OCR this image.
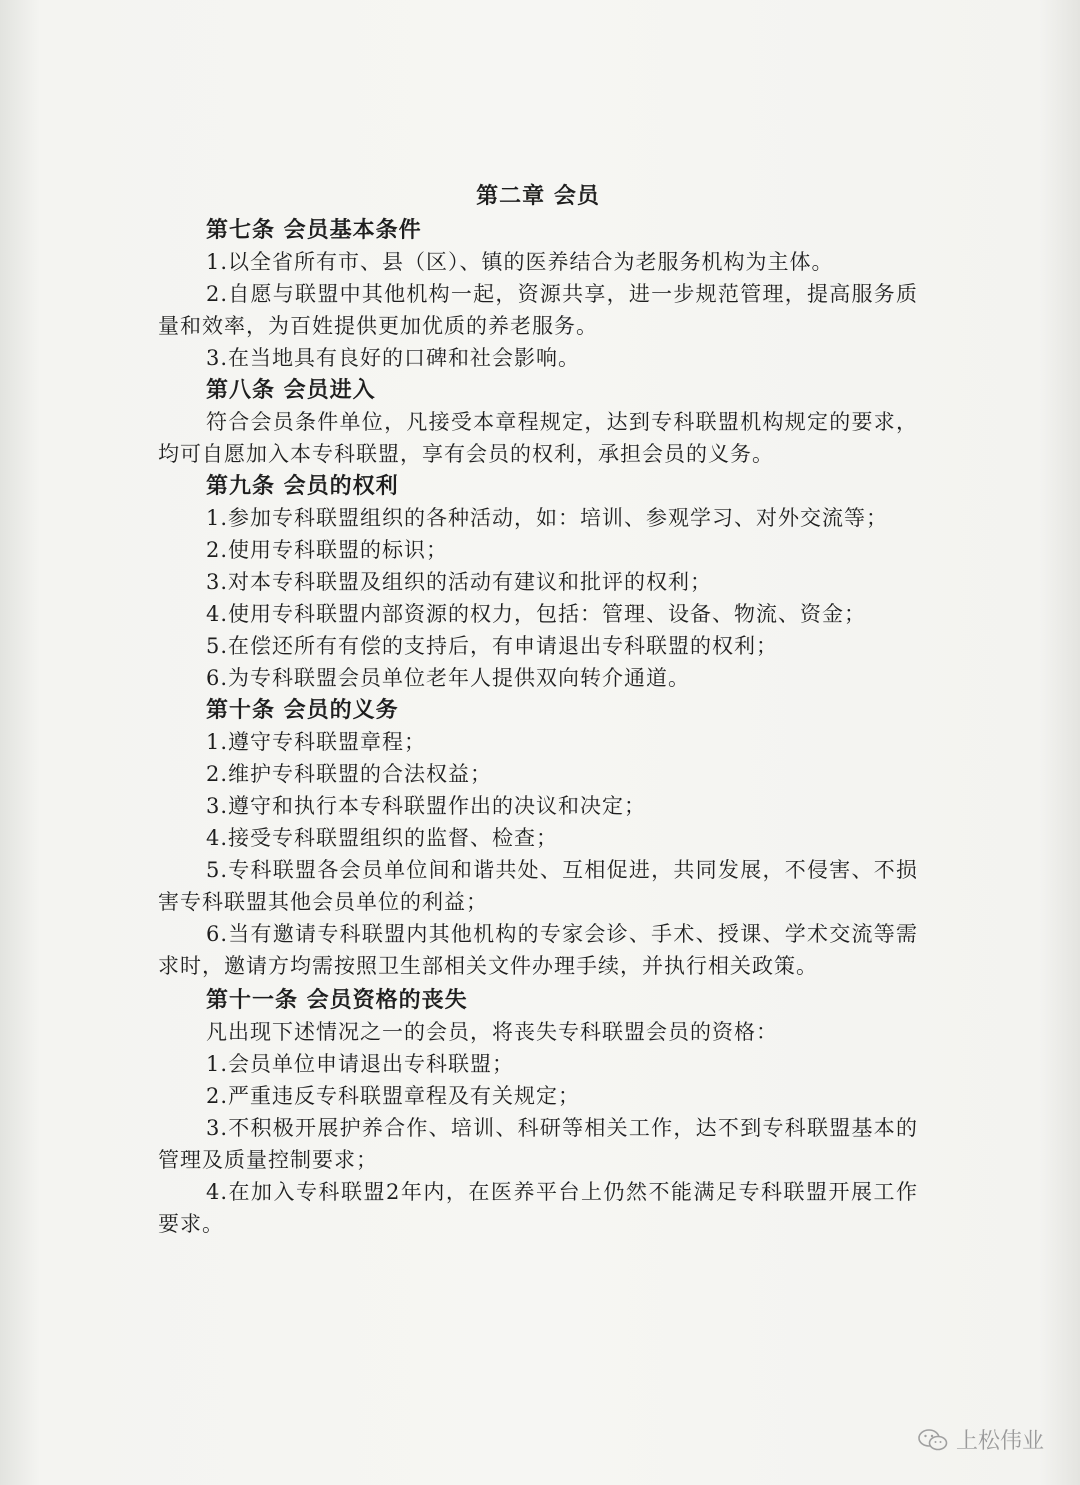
第二章 会员
第七条 会员基本条件

1.以全省所有市、县（区）、镇的医养结合为老服务机构为主体。

2.自愿与联盟中其他机构一起，资源共享，进一步规范管理，提高服务质量和效率，为百姓提供更加优质的养老服务。

3.在当地具有良好的口碑和社会影响。

第八条 会员进入

符合会员条件单位，凡接受本章程规定，达到专科联盟机构规定的要求，均可自愿加入本专科联盟，享有会员的权利，承担会员的义务。

第九条 会员的权利

1.参加专科联盟组织的各种活动，如：培训、参观学习、对外交流等；

2.使用专科联盟的标识；

3.对本专科联盟及组织的活动有建议和批评的权利；

4.使用专科联盟内部资源的权力，包括：管理、设备、物流、资金；

5.在偿还所有有偿的支持后，有申请退出专科联盟的权利；

6.为专科联盟会员单位老年人提供双向转介通道。

第十条 会员的义务

1.遵守专科联盟章程；

2.维护专科联盟的合法权益；

3.遵守和执行本专科联盟作出的决议和决定；

4.接受专科联盟组织的监督、检查；

5.专科联盟各会员单位间和谐共处、互相促进，共同发展，不侵害、不损害专科联盟其他会员单位的利益；

6.当有邀请专科联盟内其他机构的专家会诊、手术、授课、学术交流等需求时，邀请方均需按照卫生部相关文件办理手续，并执行相关政策。

第十一条 会员资格的丧失

凡出现下述情况之一的会员，将丧失专科联盟会员的资格：

1.会员单位申请退出专科联盟；

2.严重违反专科联盟章程及有关规定；

3.不积极开展护养合作、培训、科研等相关工作，达不到专科联盟基本的管理及质量控制要求；

4.在加入专科联盟2年内，在医养平台上仍然不能满足专科联盟开展工作要求。

上松伟业
